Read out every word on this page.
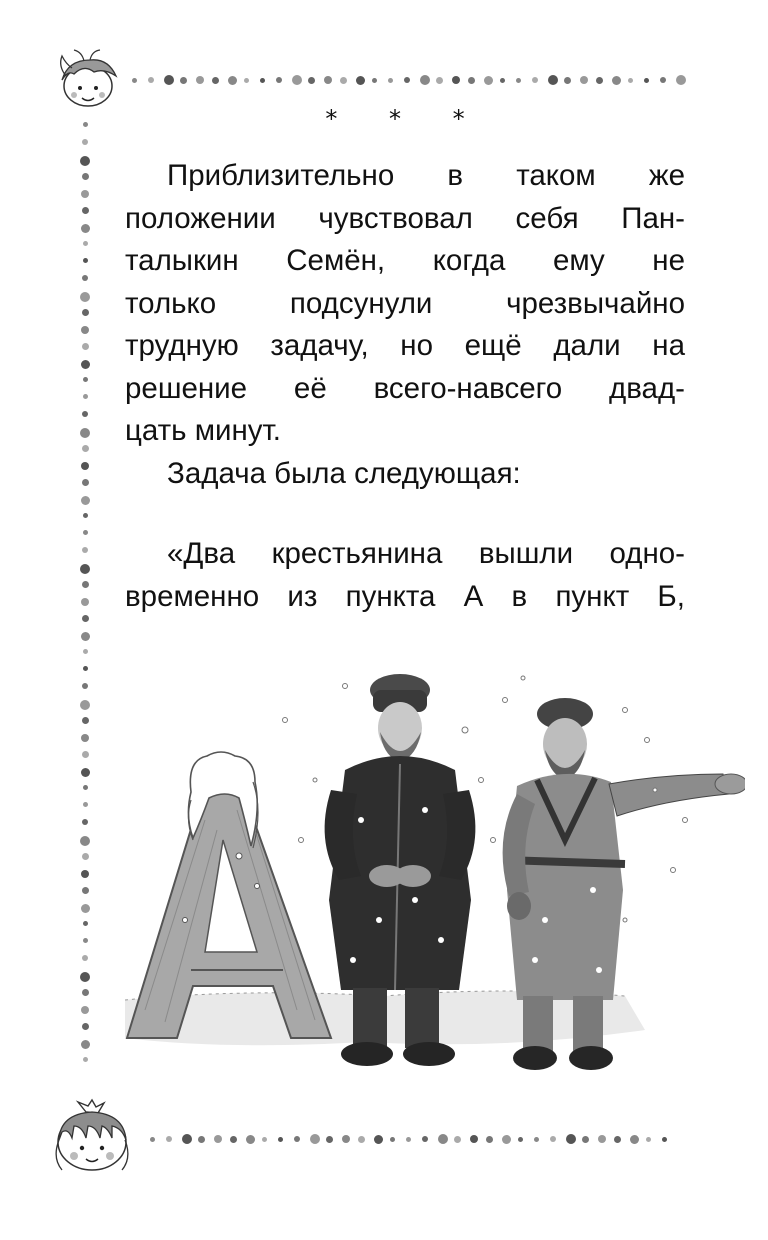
* * *
Приблизительно в таком же
положении чувствовал себя Пан-
талыкин Семён, когда ему не
только подсунули чрезвычайно
трудную задачу, но ещё дали на
решение её всего-навсего двад-
цать минут.
Задача была следующая:
«Два крестьянина вышли одно-
временно из пункта А в пункт Б,
